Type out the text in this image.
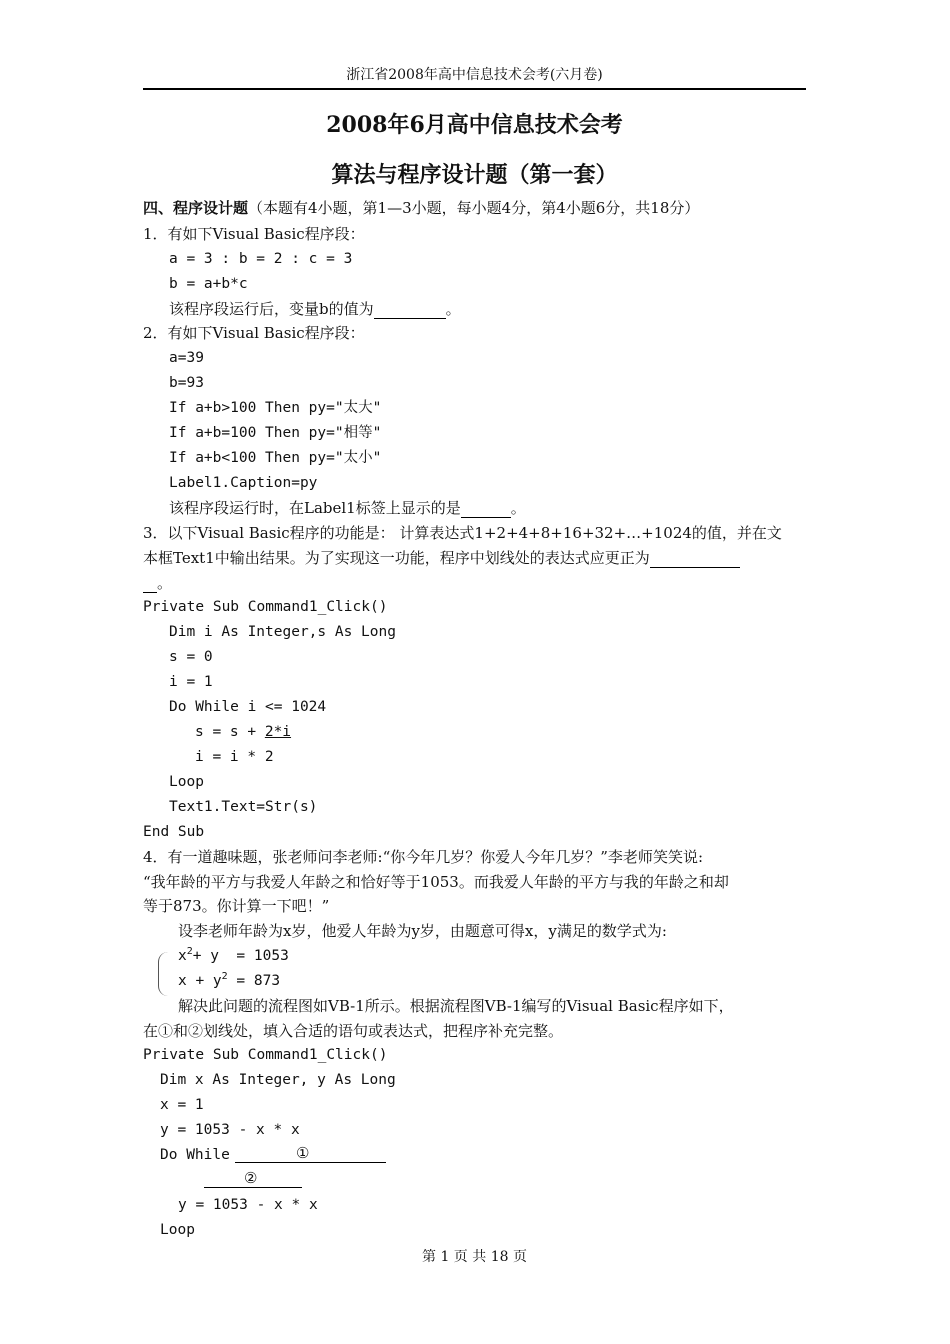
浙江省2008年高中信息技术会考(六月卷)
2008年6月高中信息技术会考
算法与程序设计题（第一套）
四、程序设计题（本题有4小题，第1—3小题，每小题4分，第4小题6分，共18分）
1．有如下Visual Basic程序段：
a = 3 : b = 2 : c = 3
b = a+b*c
该程序段运行后，变量b的值为	。
2．有如下Visual Basic程序段：
a=39
b=93
If a+b>100 Then py="太大"
If a+b=100 Then py="相等"
If a+b<100 Then py="太小"
Label1.Caption=py
该程序段运行时，在Label1标签上显示的是	。
3．以下Visual Basic程序的功能是： 计算表达式1+2+4+8+16+32+…+1024的值，并在文
本框Text1中输出结果。为了实现这一功能，程序中划线处的表达式应更正为
。
Private Sub Command1_Click()
Dim i As Integer,s As Long
s = 0
i = 1
Do While i <= 1024
s = s + 2*i
i = i * 2
Loop
Text1.Text=Str(s)
End Sub
4．有一道趣味题，张老师问李老师:“你今年几岁？你爱人今年几岁？”李老师笑笑说:
“我年龄的平方与我爱人年龄之和恰好等于1053。而我爱人年龄的平方与我的年龄之和却
等于873。你计算一下吧！”
设李老师年龄为x岁，他爱人年龄为y岁，由题意可得x，y满足的数学式为:
$x^2+ y = 1053$
$x + y^2 = 873$
解决此问题的流程图如VB-1所示。根据流程图VB-1编写的Visual Basic程序如下，
在①和②划线处，填入合适的语句或表达式，把程序补充完整。
Private Sub Command1_Click()
Dim x As Integer, y As Long
x = 1
y = 1053 - x * x
Do While	①
②
y = 1053 - x * x
Loop
第 1 页 共 18 页
